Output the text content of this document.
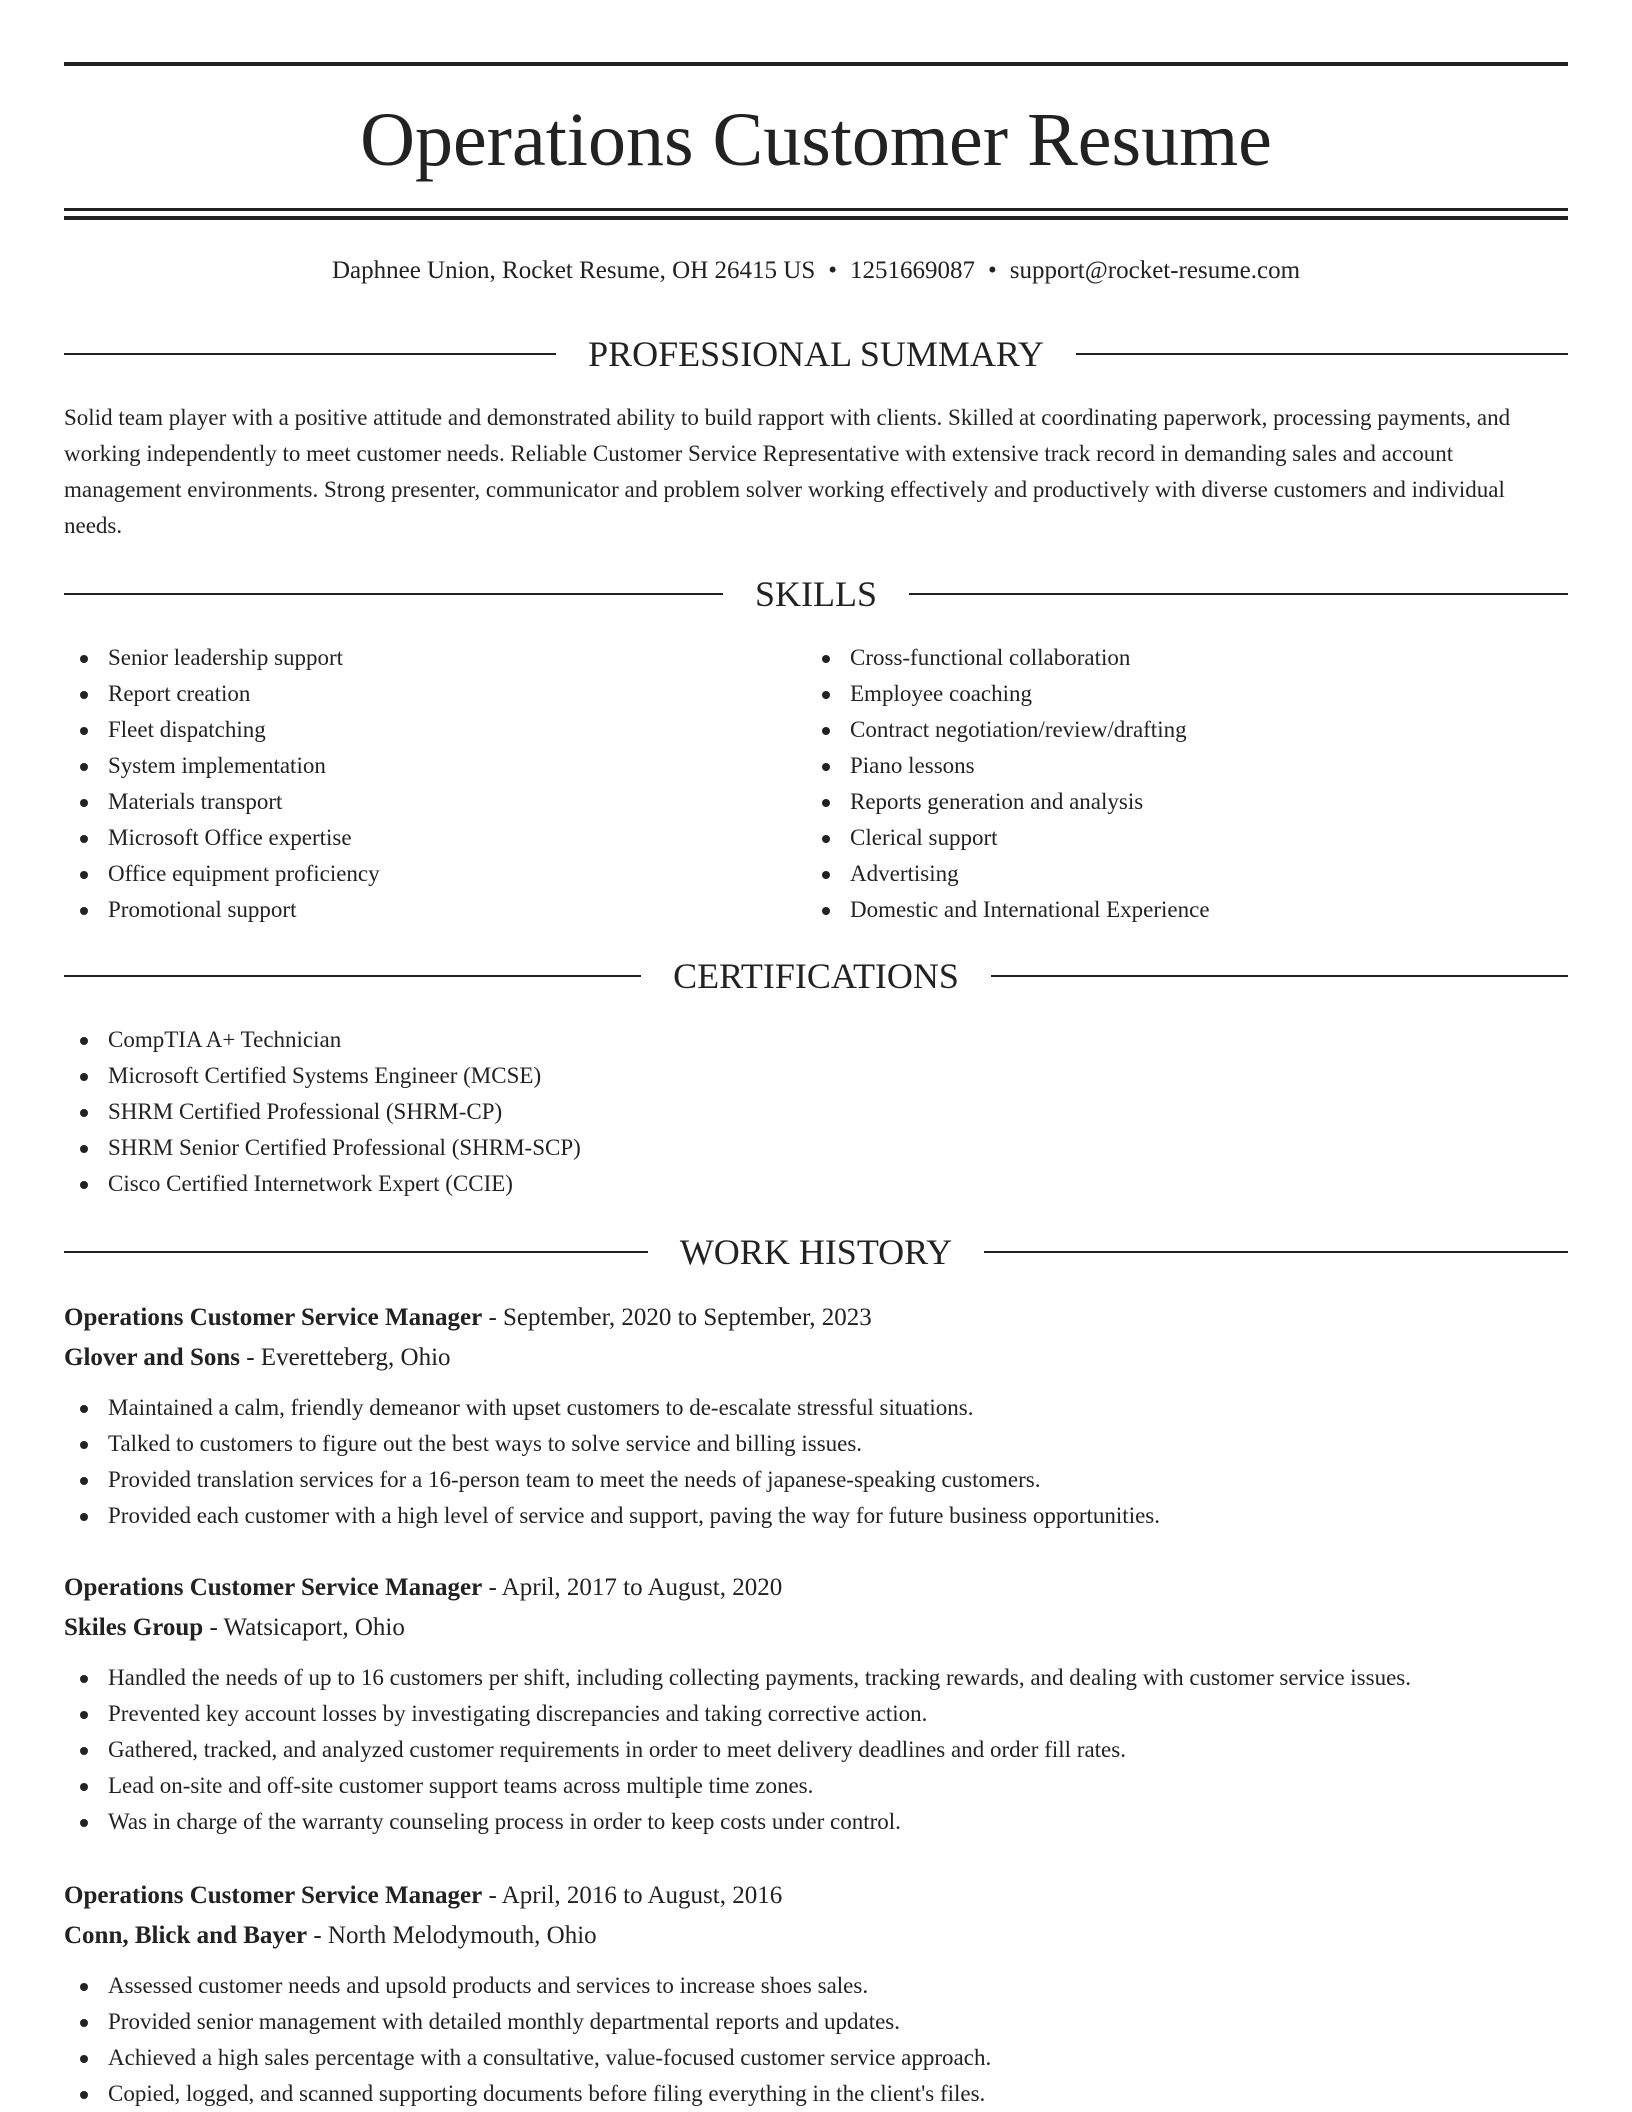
Operations Customer Resume
Daphnee Union, Rocket Resume, OH 26415 US • 1251669087 • support@rocket-resume.com
PROFESSIONAL SUMMARY
Solid team player with a positive attitude and demonstrated ability to build rapport with clients. Skilled at coordinating paperwork, processing payments, and working independently to meet customer needs. Reliable Customer Service Representative with extensive track record in demanding sales and account management environments. Strong presenter, communicator and problem solver working effectively and productively with diverse customers and individual needs.
SKILLS
Senior leadership support
Report creation
Fleet dispatching
System implementation
Materials transport
Microsoft Office expertise
Office equipment proficiency
Promotional support
Cross-functional collaboration
Employee coaching
Contract negotiation/review/drafting
Piano lessons
Reports generation and analysis
Clerical support
Advertising
Domestic and International Experience
CERTIFICATIONS
CompTIA A+ Technician
Microsoft Certified Systems Engineer (MCSE)
SHRM Certified Professional (SHRM-CP)
SHRM Senior Certified Professional (SHRM-SCP)
Cisco Certified Internetwork Expert (CCIE)
WORK HISTORY
Operations Customer Service Manager - September, 2020 to September, 2023
Glover and Sons - Everetteberg, Ohio
Maintained a calm, friendly demeanor with upset customers to de-escalate stressful situations.
Talked to customers to figure out the best ways to solve service and billing issues.
Provided translation services for a 16-person team to meet the needs of japanese-speaking customers.
Provided each customer with a high level of service and support, paving the way for future business opportunities.
Operations Customer Service Manager - April, 2017 to August, 2020
Skiles Group - Watsicaport, Ohio
Handled the needs of up to 16 customers per shift, including collecting payments, tracking rewards, and dealing with customer service issues.
Prevented key account losses by investigating discrepancies and taking corrective action.
Gathered, tracked, and analyzed customer requirements in order to meet delivery deadlines and order fill rates.
Lead on-site and off-site customer support teams across multiple time zones.
Was in charge of the warranty counseling process in order to keep costs under control.
Operations Customer Service Manager - April, 2016 to August, 2016
Conn, Blick and Bayer - North Melodymouth, Ohio
Assessed customer needs and upsold products and services to increase shoes sales.
Provided senior management with detailed monthly departmental reports and updates.
Achieved a high sales percentage with a consultative, value-focused customer service approach.
Copied, logged, and scanned supporting documents before filing everything in the client's files.
